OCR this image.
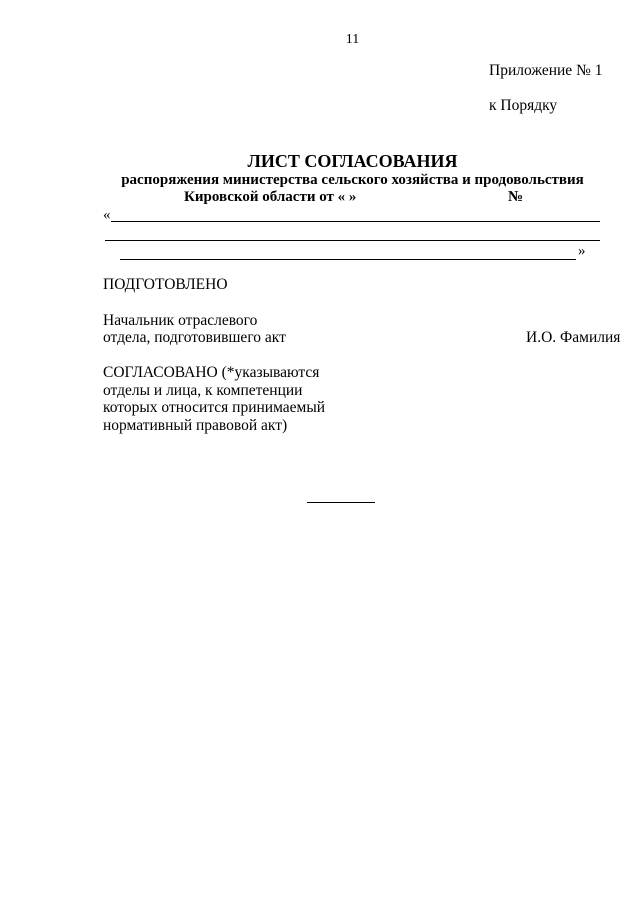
11
Приложение № 1
к Порядку
ЛИСТ СОГЛАСОВАНИЯ
распоряжения министерства сельского хозяйства и продовольствия
Кировской области от « »	№
«
»
ПОДГОТОВЛЕНО
Начальник отраслевого
отдела, подготовившего акт	И.О. Фамилия
СОГЛАСОВАНО (*указываются
отделы и лица, к компетенции
которых относится принимаемый
нормативный правовой акт)
